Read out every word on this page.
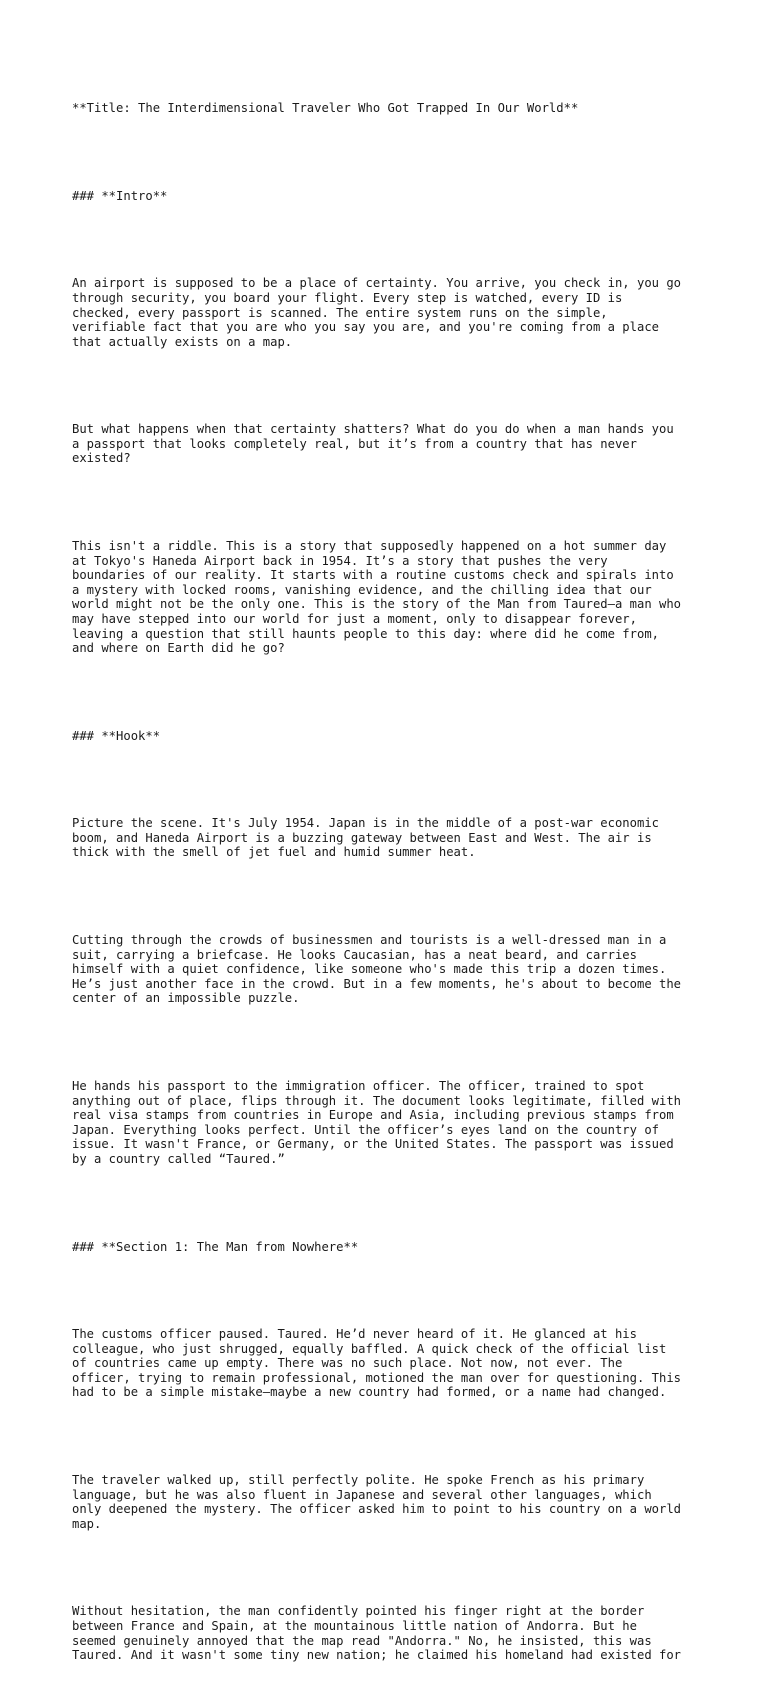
**Title: The Interdimensional Traveler Who Got Trapped In Our World**

### **Intro**

An airport is supposed to be a place of certainty. You arrive, you check in, you go
through security, you board your flight. Every step is watched, every ID is
checked, every passport is scanned. The entire system runs on the simple,
verifiable fact that you are who you say you are, and you're coming from a place
that actually exists on a map.

But what happens when that certainty shatters? What do you do when a man hands you
a passport that looks completely real, but it’s from a country that has never
existed?

This isn't a riddle. This is a story that supposedly happened on a hot summer day
at Tokyo's Haneda Airport back in 1954. It’s a story that pushes the very
boundaries of our reality. It starts with a routine customs check and spirals into
a mystery with locked rooms, vanishing evidence, and the chilling idea that our
world might not be the only one. This is the story of the Man from Taured—a man who
may have stepped into our world for just a moment, only to disappear forever,
leaving a question that still haunts people to this day: where did he come from,
and where on Earth did he go?

### **Hook**

Picture the scene. It's July 1954. Japan is in the middle of a post-war economic
boom, and Haneda Airport is a buzzing gateway between East and West. The air is
thick with the smell of jet fuel and humid summer heat.

Cutting through the crowds of businessmen and tourists is a well-dressed man in a
suit, carrying a briefcase. He looks Caucasian, has a neat beard, and carries
himself with a quiet confidence, like someone who's made this trip a dozen times.
He’s just another face in the crowd. But in a few moments, he's about to become the
center of an impossible puzzle.

He hands his passport to the immigration officer. The officer, trained to spot
anything out of place, flips through it. The document looks legitimate, filled with
real visa stamps from countries in Europe and Asia, including previous stamps from
Japan. Everything looks perfect. Until the officer’s eyes land on the country of
issue. It wasn't France, or Germany, or the United States. The passport was issued
by a country called “Taured.”

### **Section 1: The Man from Nowhere**

The customs officer paused. Taured. He’d never heard of it. He glanced at his
colleague, who just shrugged, equally baffled. A quick check of the official list
of countries came up empty. There was no such place. Not now, not ever. The
officer, trying to remain professional, motioned the man over for questioning. This
had to be a simple mistake—maybe a new country had formed, or a name had changed.

The traveler walked up, still perfectly polite. He spoke French as his primary
language, but he was also fluent in Japanese and several other languages, which
only deepened the mystery. The officer asked him to point to his country on a world
map.

Without hesitation, the man confidently pointed his finger right at the border
between France and Spain, at the mountainous little nation of Andorra. But he
seemed genuinely annoyed that the map read "Andorra." No, he insisted, this was
Taured. And it wasn't some tiny new nation; he claimed his homeland had existed for
